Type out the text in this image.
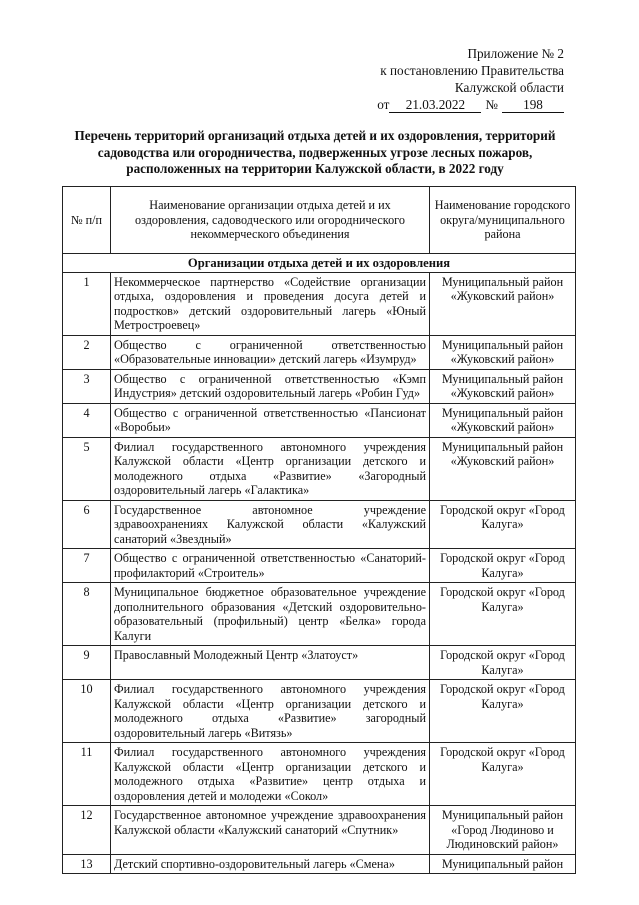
Приложение № 2
к постановлению Правительства
Калужской области
от	21.03.2022	№	198
Перечень территорий организаций отдыха детей и их оздоровления, территорий садоводства или огородничества, подверженных угрозе лесных пожаров, расположенных на территории Калужской области, в 2022 году
№ п/п	Наименование организации отдыха детей и их оздоровления, садоводческого или огороднического некоммерческого объединения	Наименование городского округа/муниципального района
Организации отдыха детей и их оздоровления		
1	Некоммерческое партнерство «Содействие организации отдыха, оздоровления и проведения досуга детей и подростков» детский оздоровительный лагерь «Юный Метростроевец»	Муниципальный район «Жуковский район»
2	Общество с ограниченной ответственностью «Образовательные инновации» детский лагерь «Изумруд»	Муниципальный район «Жуковский район»
3	Общество с ограниченной ответственностью «Кэмп Индустрия» детский оздоровительный лагерь «Робин Гуд»	Муниципальный район «Жуковский район»
4	Общество с ограниченной ответственностью «Пансионат «Воробьи»	Муниципальный район «Жуковский район»
5	Филиал государственного автономного учреждения Калужской области «Центр организации детского и молодежного отдыха «Развитие» «Загородный оздоровительный лагерь «Галактика»	Муниципальный район «Жуковский район»
6	Государственное автономное учреждение здравоохранениях Калужской области «Калужский санаторий «Звездный»	Городской округ «Город Калуга»
7	Общество с ограниченной ответственностью «Санаторий-профилакторий «Строитель»	Городской округ «Город Калуга»
8	Муниципальное бюджетное образовательное учреждение дополнительного образования «Детский оздоровительно-образовательный (профильный) центр «Белка» города Калуги	Городской округ «Город Калуга»
9	Православный Молодежный Центр «Златоуст»	Городской округ «Город Калуга»
10	Филиал государственного автономного учреждения Калужской области «Центр организации детского и молодежного отдыха «Развитие» загородный оздоровительный лагерь «Витязь»	Городской округ «Город Калуга»
11	Филиал государственного автономного учреждения Калужской области «Центр организации детского и молодежного отдыха «Развитие» центр отдыха и оздоровления детей и молодежи «Сокол»	Городской округ «Город Калуга»
12	Государственное автономное учреждение здравоохранения Калужской области «Калужский санаторий «Спутник»	Муниципальный район «Город Людиново и Людиновский район»
13	Детский спортивно-оздоровительный лагерь «Смена»	Муниципальный район
